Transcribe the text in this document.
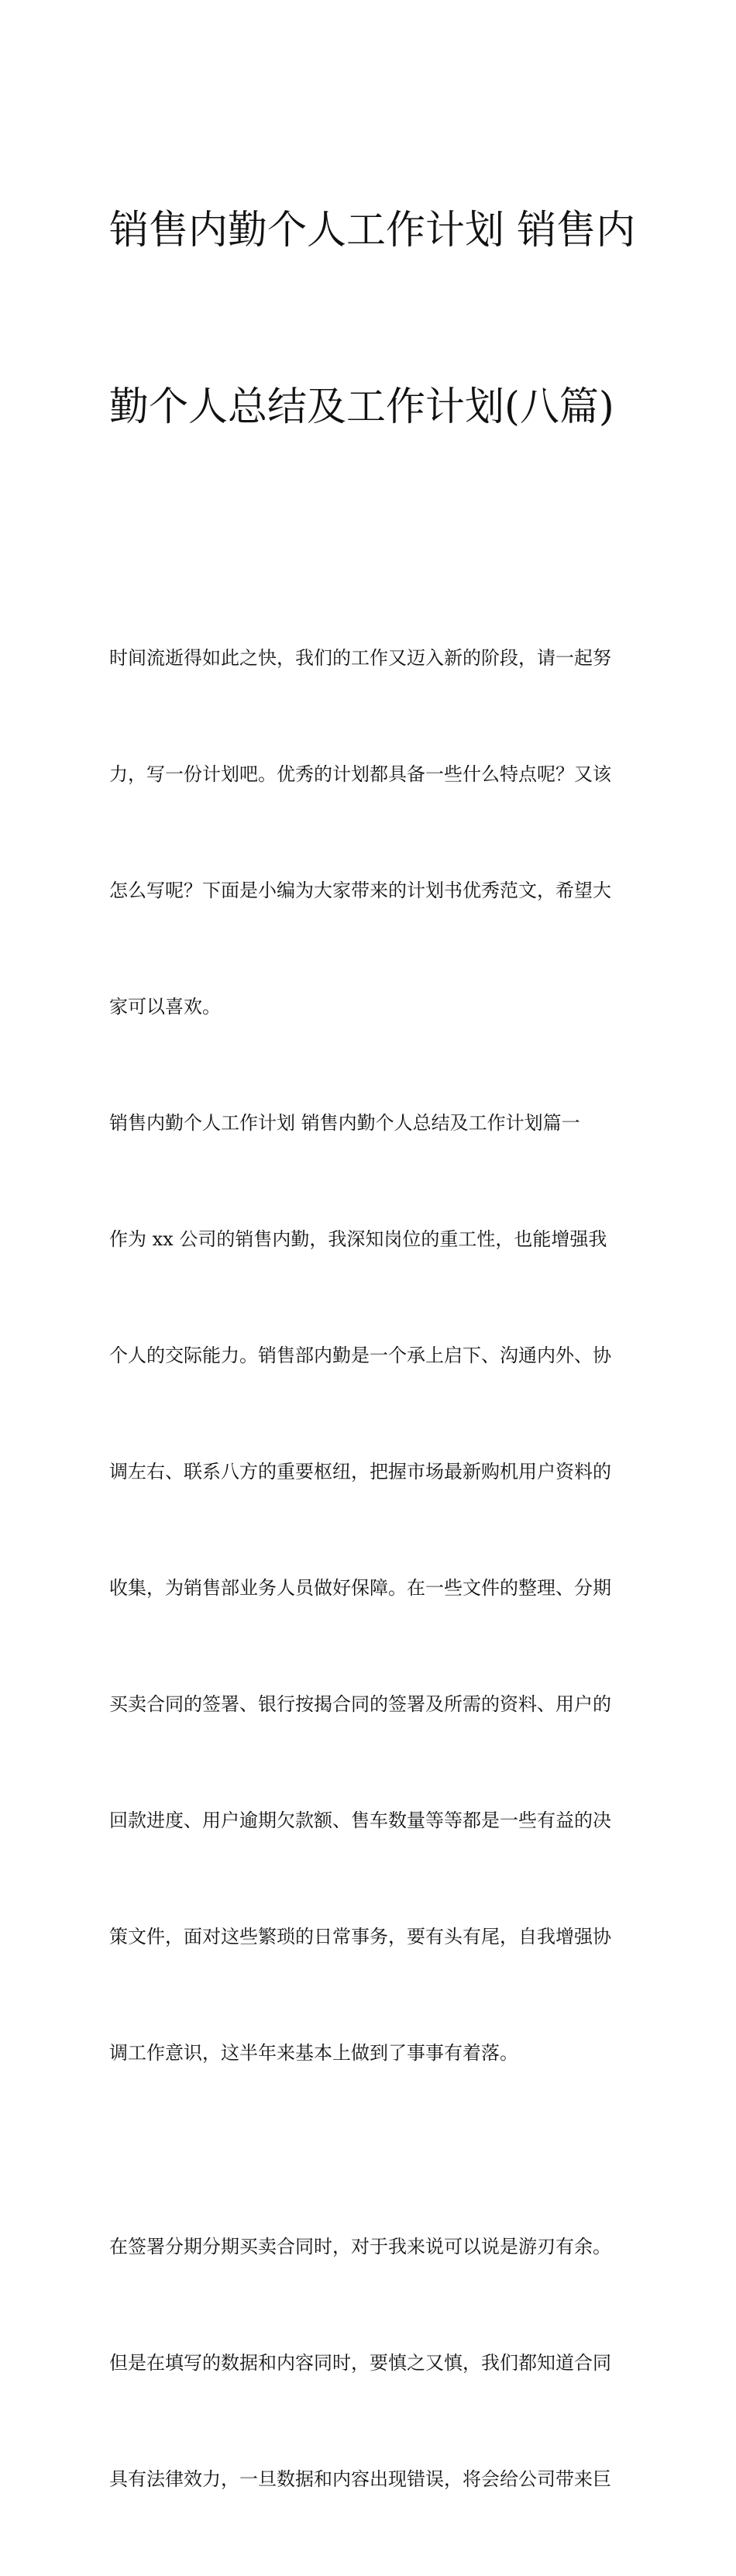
销售内勤个人工作计划 销售内

勤个人总结及工作计划(八篇)

时间流逝得如此之快，我们的工作又迈入新的阶段，请一起努

力，写一份计划吧。优秀的计划都具备一些什么特点呢？又该

怎么写呢？下面是小编为大家带来的计划书优秀范文，希望大

家可以喜欢。

销售内勤个人工作计划 销售内勤个人总结及工作计划篇一

作为 xx 公司的销售内勤，我深知岗位的重工性，也能增强我

个人的交际能力。销售部内勤是一个承上启下、沟通内外、协

调左右、联系八方的重要枢纽，把握市场最新购机用户资料的

收集，为销售部业务人员做好保障。在一些文件的整理、分期

买卖合同的签署、银行按揭合同的签署及所需的资料、用户的

回款进度、用户逾期欠款额、售车数量等等都是一些有益的决

策文件，面对这些繁琐的日常事务，要有头有尾，自我增强协

调工作意识，这半年来基本上做到了事事有着落。

在签署分期分期买卖合同时，对于我来说可以说是游刃有余。

但是在填写的数据和内容同时，要慎之又慎，我们都知道合同

具有法律效力，一旦数据和内容出现错误，将会给公司带来巨
